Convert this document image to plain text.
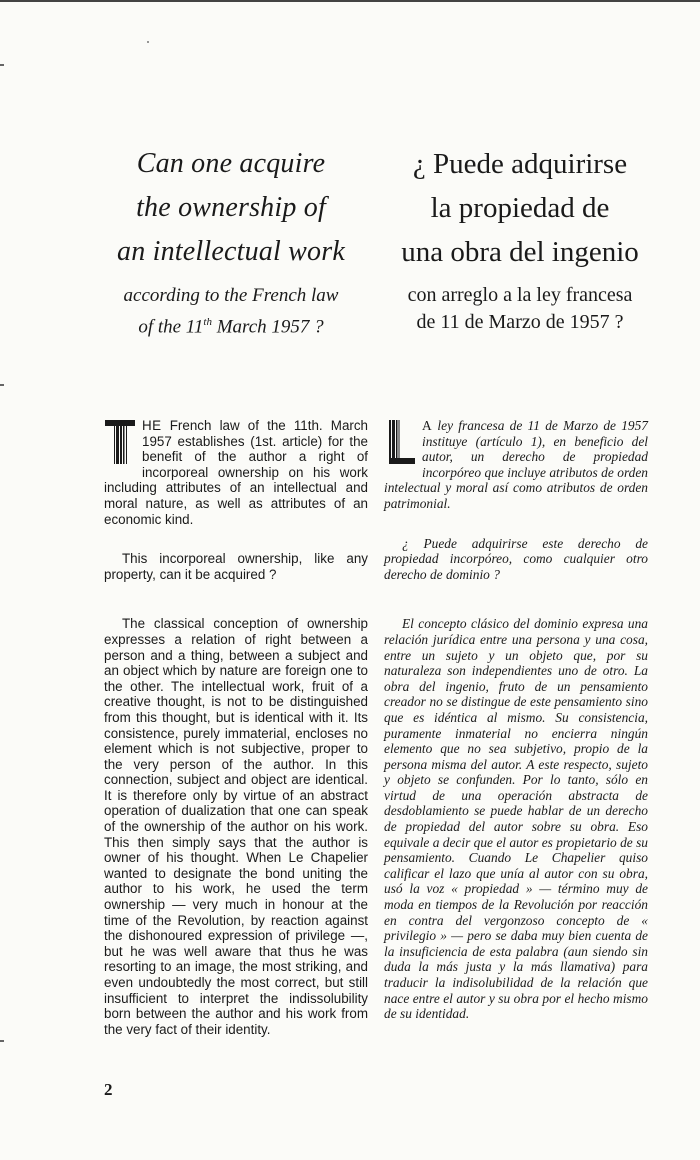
Can one acquire
the ownership of
an intellectual work
according to the French law
of the 11th March 1957 ?
¿ Puede adquirirse
la propiedad de
una obra del ingenio
con arreglo a la ley francesa
de 11 de Marzo de 1957 ?

HE French law of the 11th. March 1957 establishes (1st. article) for the benefit of the author a right of incorporeal ownership on his work including attributes of an intellectual and moral nature, as well as attributes of an economic kind.

This incorporeal ownership, like any property, can it be acquired ?

The classical conception of ownership expresses a relation of right between a person and a thing, between a subject and an object which by nature are foreign one to the other. The intellectual work, fruit of a creative thought, is not to be distinguished from this thought, but is identical with it. Its consistence, purely immaterial, encloses no element which is not subjective, proper to the very person of the author. In this connection, subject and object are identical. It is therefore only by virtue of an abstract operation of dualization that one can speak of the ownership of the author on his work. This then simply says that the author is owner of his thought. When Le Chapelier wanted to designate the bond uniting the author to his work, he used the term ownership — very much in honour at the time of the Revolution, by reaction against the dishonoured expression of privilege —, but he was well aware that thus he was resorting to an image, the most striking, and even undoubtedly the most correct, but still insufficient to interpret the indissolubility born between the author and his work from the very fact of their identity.

A ley francesa de 11 de Marzo de 1957 instituye (artículo 1), en beneficio del autor, un derecho de propiedad incorpóreo que incluye atributos de orden intelectual y moral así como atributos de orden patrimonial.

¿ Puede adquirirse este derecho de propiedad incorpóreo, como cualquier otro derecho de dominio ?

El concepto clásico del dominio expresa una relación jurídica entre una persona y una cosa, entre un sujeto y un objeto que, por su naturaleza son independientes uno de otro. La obra del ingenio, fruto de un pensamiento creador no se distingue de este pensamiento sino que es idéntica al mismo. Su consistencia, puramente inmaterial no encierra ningún elemento que no sea subjetivo, propio de la persona misma del autor. A este respecto, sujeto y objeto se confunden. Por lo tanto, sólo en virtud de una operación abstracta de desdoblamiento se puede hablar de un derecho de propiedad del autor sobre su obra. Eso equivale a decir que el autor es propietario de su pensamiento. Cuando Le Chapelier quiso calificar el lazo que unía al autor con su obra, usó la voz « propiedad » — término muy de moda en tiempos de la Revolución por reacción en contra del vergonzoso concepto de « privilegio » — pero se daba muy bien cuenta de la insuficiencia de esta palabra (aun siendo sin duda la más justa y la más llamativa) para traducir la indisolubilidad de la relación que nace entre el autor y su obra por el hecho mismo de su identidad.

2
